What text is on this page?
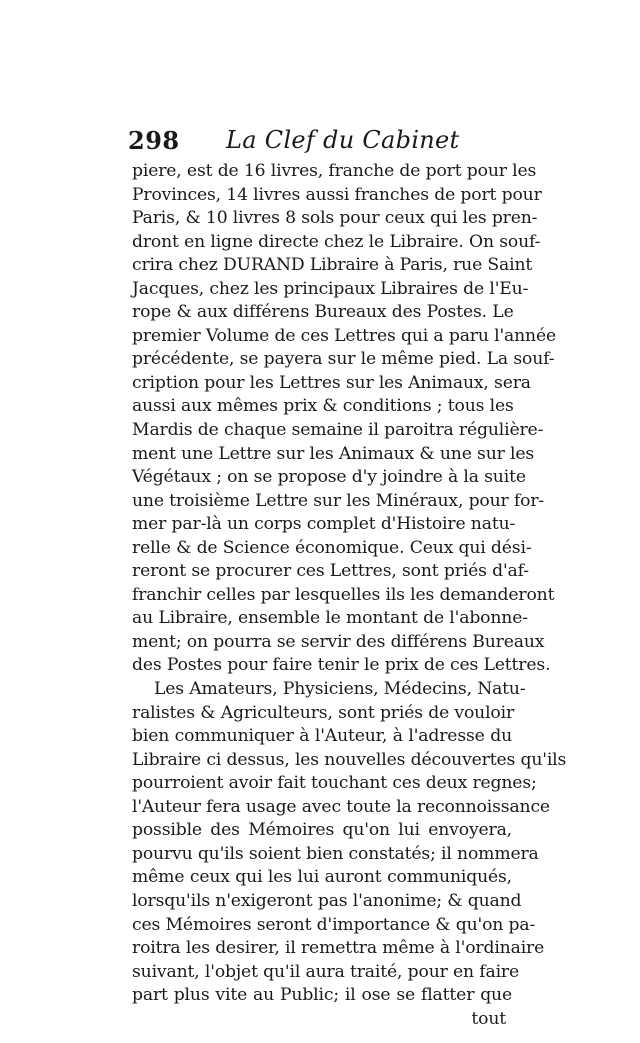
298 La Clef du Cabinet
piere, est de 16 livres, franche de port pour les
Provinces, 14 livres aussi franches de port pour
Paris, & 10 livres 8 sols pour ceux qui les pren-
dront en ligne directe chez le Libraire. On souf-
crira chez DURAND Libraire à Paris, rue Saint
Jacques, chez les principaux Libraires de l'Eu-
rope & aux différens Bureaux des Postes. Le
premier Volume de ces Lettres qui a paru l'année
précédente, se payera sur le même pied. La souf-
cription pour les Lettres sur les Animaux, sera
aussi aux mêmes prix & conditions ; tous les
Mardis de chaque semaine il paroitra régulière-
ment une Lettre sur les Animaux & une sur les
Végétaux ; on se propose d'y joindre à la suite
une troisième Lettre sur les Minéraux, pour for-
mer par-là un corps complet d'Histoire natu-
relle & de Science économique. Ceux qui dési-
reront se procurer ces Lettres, sont priés d'af-
franchir celles par lesquelles ils les demanderont
au Libraire, ensemble le montant de l'abonne-
ment; on pourra se servir des différens Bureaux
des Postes pour faire tenir le prix de ces Lettres.
Les Amateurs, Physiciens, Médecins, Natu-
ralistes & Agriculteurs, sont priés de vouloir
bien communiquer à l'Auteur, à l'adresse du
Libraire ci dessus, les nouvelles découvertes qu'ils
pourroient avoir fait touchant ces deux regnes;
l'Auteur fera usage avec toute la reconnoissance
possible des Mémoires qu'on lui envoyera,
pourvu qu'ils soient bien constatés; il nommera
même ceux qui les lui auront communiqués,
lorsqu'ils n'exigeront pas l'anonime; & quand
ces Mémoires seront d'importance & qu'on pa-
roitra les desirer, il remettra même à l'ordinaire
suivant, l'objet qu'il aura traité, pour en faire
part plus vite au Public; il ose se flatter que
tout
